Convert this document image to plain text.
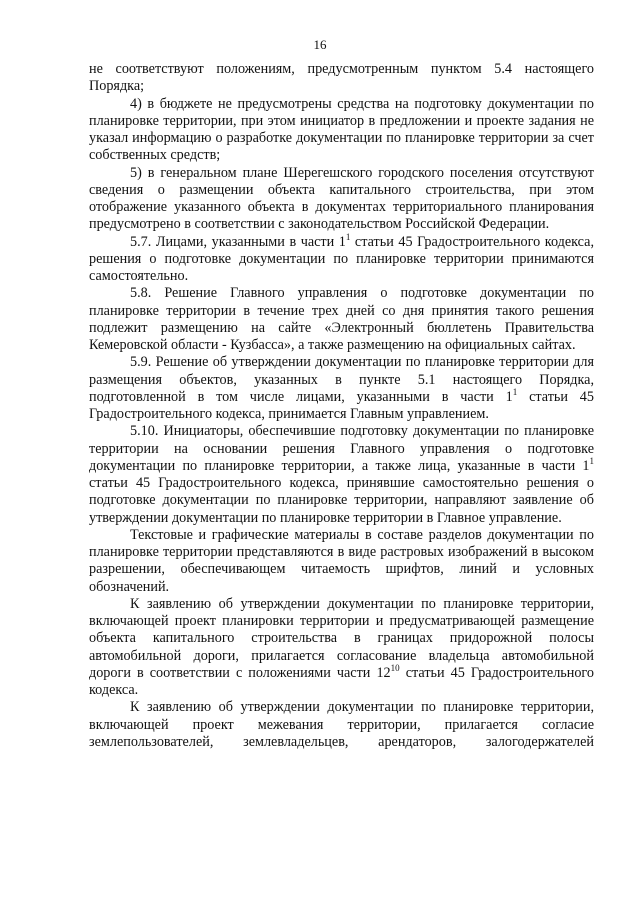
16

не соответствуют положениям, предусмотренным пунктом 5.4 настоящего Порядка;

4) в бюджете не предусмотрены средства на подготовку документации по планировке территории, при этом инициатор в предложении и проекте задания не указал информацию о разработке документации по планировке территории за счет собственных средств;

5) в генеральном плане Шерегешского городского поселения отсутствуют сведения о размещении объекта капитального строительства, при этом отображение указанного объекта в документах территориального планирования предусмотрено в соответствии с законодательством Российской Федерации.

5.7. Лицами, указанными в части $1^1$ статьи 45 Градостроительного кодекса, решения о подготовке документации по планировке территории принимаются самостоятельно.

5.8. Решение Главного управления о подготовке документации по планировке территории в течение трех дней со дня принятия такого решения подлежит размещению на сайте «Электронный бюллетень Правительства Кемеровской области - Кузбасса», а также размещению на официальных сайтах.

5.9. Решение об утверждении документации по планировке территории для размещения объектов, указанных в пункте 5.1 настоящего Порядка, подготовленной в том числе лицами, указанными в части $1^1$ статьи 45 Градостроительного кодекса, принимается Главным управлением.

5.10. Инициаторы, обеспечившие подготовку документации по планировке территории на основании решения Главного управления о подготовке документации по планировке территории, а также лица, указанные в части $1^1$ статьи 45 Градостроительного кодекса, принявшие самостоятельно решения о подготовке документации по планировке территории, направляют заявление об утверждении документации по планировке территории в Главное управление.

Текстовые и графические материалы в составе разделов документации по планировке территории представляются в виде растровых изображений в высоком разрешении, обеспечивающем читаемость шрифтов, линий и условных обозначений.

К заявлению об утверждении документации по планировке территории, включающей проект планировки территории и предусматривающей размещение объекта капитального строительства в границах придорожной полосы автомобильной дороги, прилагается согласование владельца автомобильной дороги в соответствии с положениями части $12^{10}$ статьи 45 Градостроительного кодекса.

К заявлению об утверждении документации по планировке территории, включающей проект межевания территории, прилагается согласие землепользователей, землевладельцев, арендаторов, залогодержателей
